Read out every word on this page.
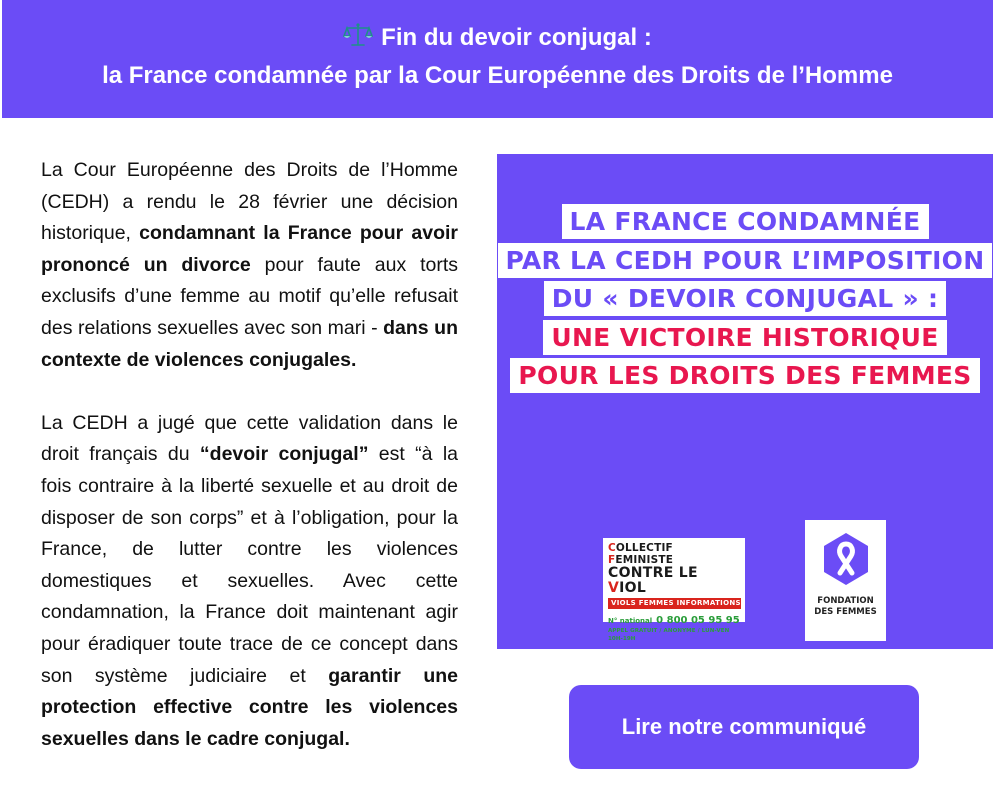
Fin du devoir conjugal :
la France condamnée par la Cour Européenne des Droits de l’Homme

La Cour Européenne des Droits de l’Homme (CEDH) a rendu le 28 février une décision historique, condamnant la France pour avoir prononcé un divorce pour faute aux torts exclusifs d’une femme au motif qu’elle refusait des relations sexuelles avec son mari - dans un contexte de violences conjugales.

La CEDH a jugé que cette validation dans le droit français du “devoir conjugal” est “à la fois contraire à la liberté sexuelle et au droit de disposer de son corps” et à l’obligation, pour la France, de lutter contre les violences domestiques et sexuelles. Avec cette condamnation, la France doit maintenant agir pour éradiquer toute trace de ce concept dans son système judiciaire et garantir une protection effective contre les violences sexuelles dans le cadre conjugal.

LA FRANCE CONDAMNÉE
PAR LA CEDH POUR L’IMPOSITION
DU « DEVOIR CONJUGAL » :
UNE VICTOIRE HISTORIQUE
POUR LES DROITS DES FEMMES
COLLECTIF FEMINISTE
CONTRE LE VIOL
VIOLS FEMMES INFORMATIONS
N° national 0 800 05 95 95
APPEL GRATUIT / ANONYME / LUN-VEN 10H-19H
FONDATION
DES FEMMES
Lire notre communiqué
